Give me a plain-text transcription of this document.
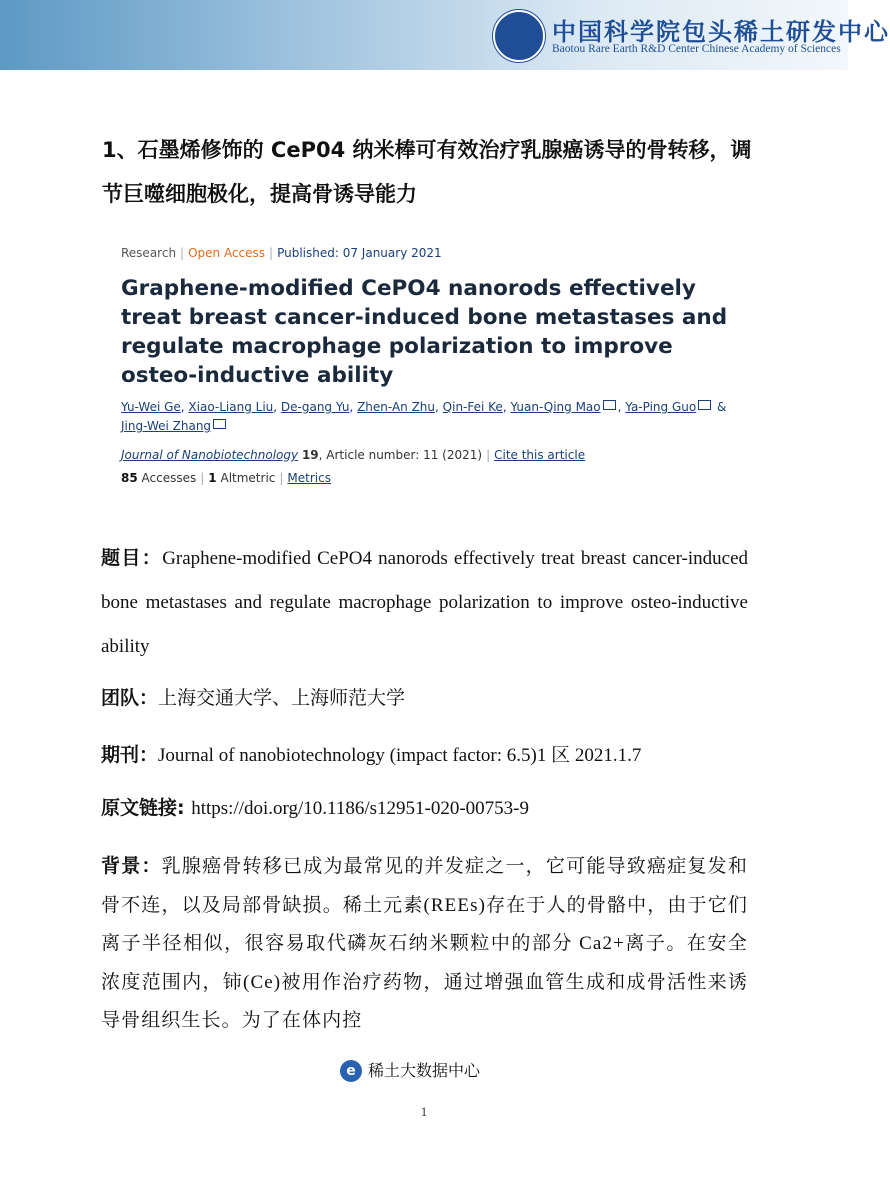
中国科学院包头稀土研发中心
Baotou Rare Earth R&D Center Chinese Academy of Sciences
1、石墨烯修饰的 CeP04 纳米棒可有效治疗乳腺癌诱导的骨转移，调节巨噬细胞极化，提高骨诱导能力
Research | Open Access | Published: 07 January 2021
Graphene-modified CePO4 nanorods effectively treat breast cancer-induced bone metastases and regulate macrophage polarization to improve osteo-inductive ability
Yu-Wei Ge, Xiao-Liang Liu, De-gang Yu, Zhen-An Zhu, Qin-Fei Ke, Yuan-Qing Mao , Ya-Ping Guo & Jing-Wei Zhang
Journal of Nanobiotechnology 19, Article number: 11 (2021) | Cite this article
85 Accesses | 1 Altmetric | Metrics

题目：Graphene-modified CePO4 nanorods effectively treat breast cancer-induced bone metastases and regulate macrophage polarization to improve osteo-inductive ability

团队：上海交通大学、上海师范大学

期刊：Journal of nanobiotechnology (impact factor: 6.5)1 区 2021.1.7

原文链接: https://doi.org/10.1186/s12951-020-00753-9

背景：乳腺癌骨转移已成为最常见的并发症之一，它可能导致癌症复发和骨不连，以及局部骨缺损。稀土元素(REEs)存在于人的骨骼中，由于它们离子半径相似，很容易取代磷灰石纳米颗粒中的部分 Ca2+离子。在安全浓度范围内，铈(Ce)被用作治疗药物，通过增强血管生成和成骨活性来诱导骨组织生长。为了在体内控

e 稀土大数据中心
1
